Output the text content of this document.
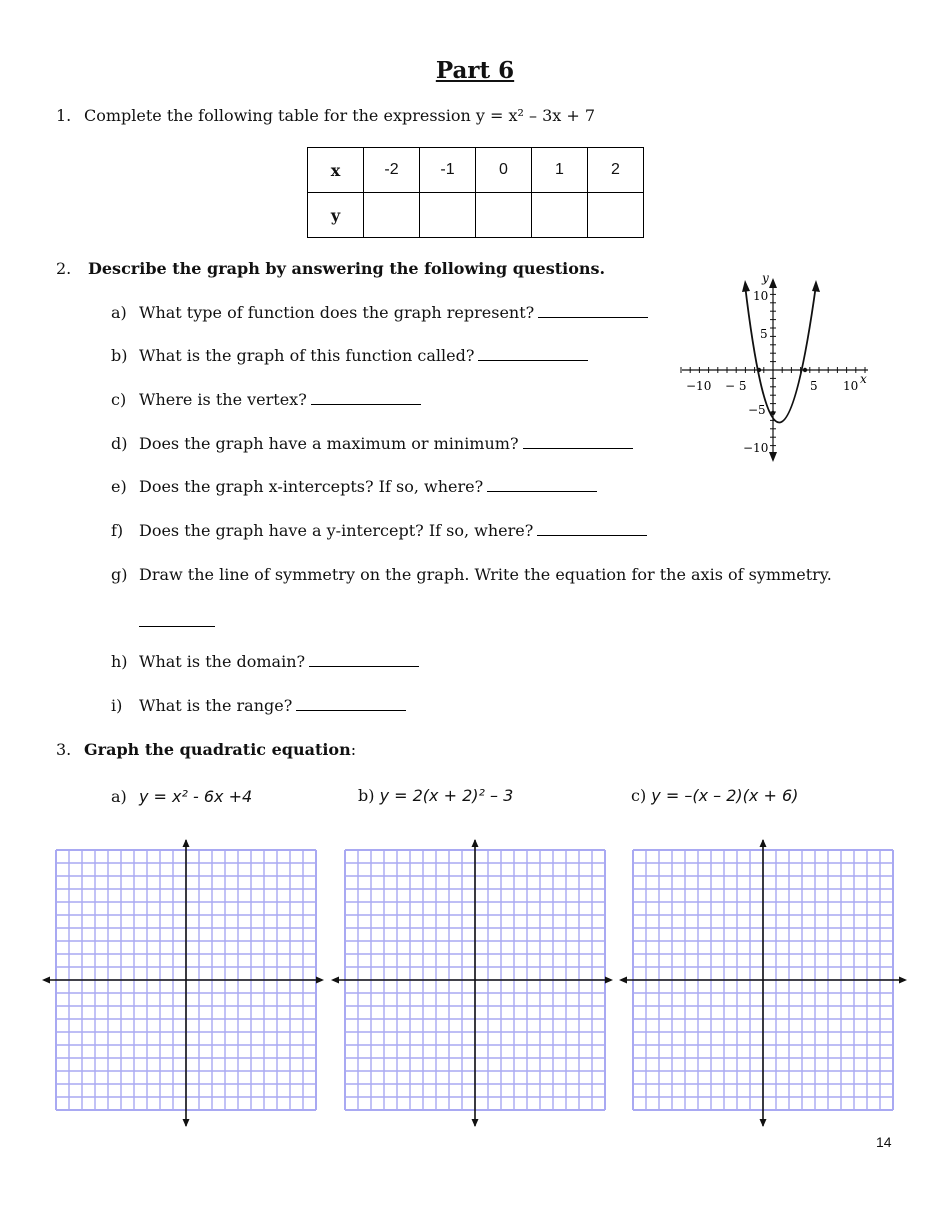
Part 6
1. Complete the following table for the expression y = x² – 3x + 7
x	-2	-1	0	1	2
y					
2. Describe the graph by answering the following questions.
a) What type of function does the graph represent?
b) What is the graph of this function called?
c) Where is the vertex?
d) Does the graph have a maximum or minimum?
e) Does the graph x-intercepts? If so, where?
f) Does the graph have a y-intercept? If so, where?
g) Draw the line of symmetry on the graph. Write the equation for the axis of symmetry.
h) What is the domain?
i) What is the range?
y
x
−10 − 5	5 10
10
5
−5
−10
3. Graph the quadratic equation:
a) y = x² - 6x +4	b) y = 2(x + 2)² – 3	c) y = –(x – 2)(x + 6)
14
